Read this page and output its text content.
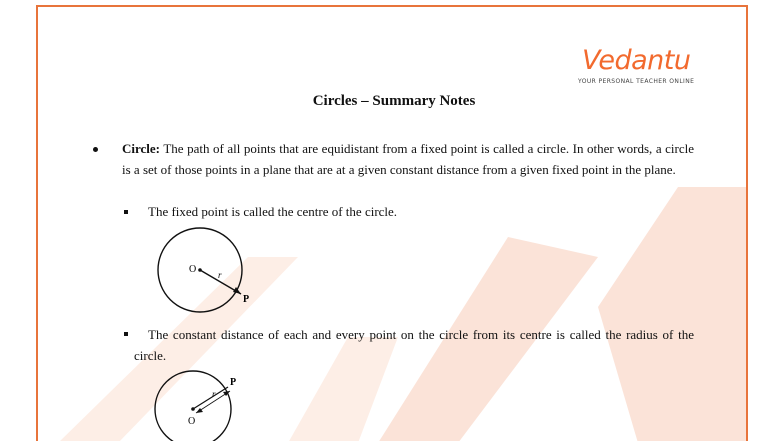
Vedantu
YOUR PERSONAL TEACHER ONLINE
Circles – Summary Notes
Circle: The path of all points that are equidistant from a fixed point is called a circle. In other words, a circle is a set of those points in a plane that are at a given constant distance from a given fixed point in the plane.
The fixed point is called the centre of the circle.
O r
P
The constant distance of each and every point on the circle from its centre is called the radius of the circle.
O
r
P
